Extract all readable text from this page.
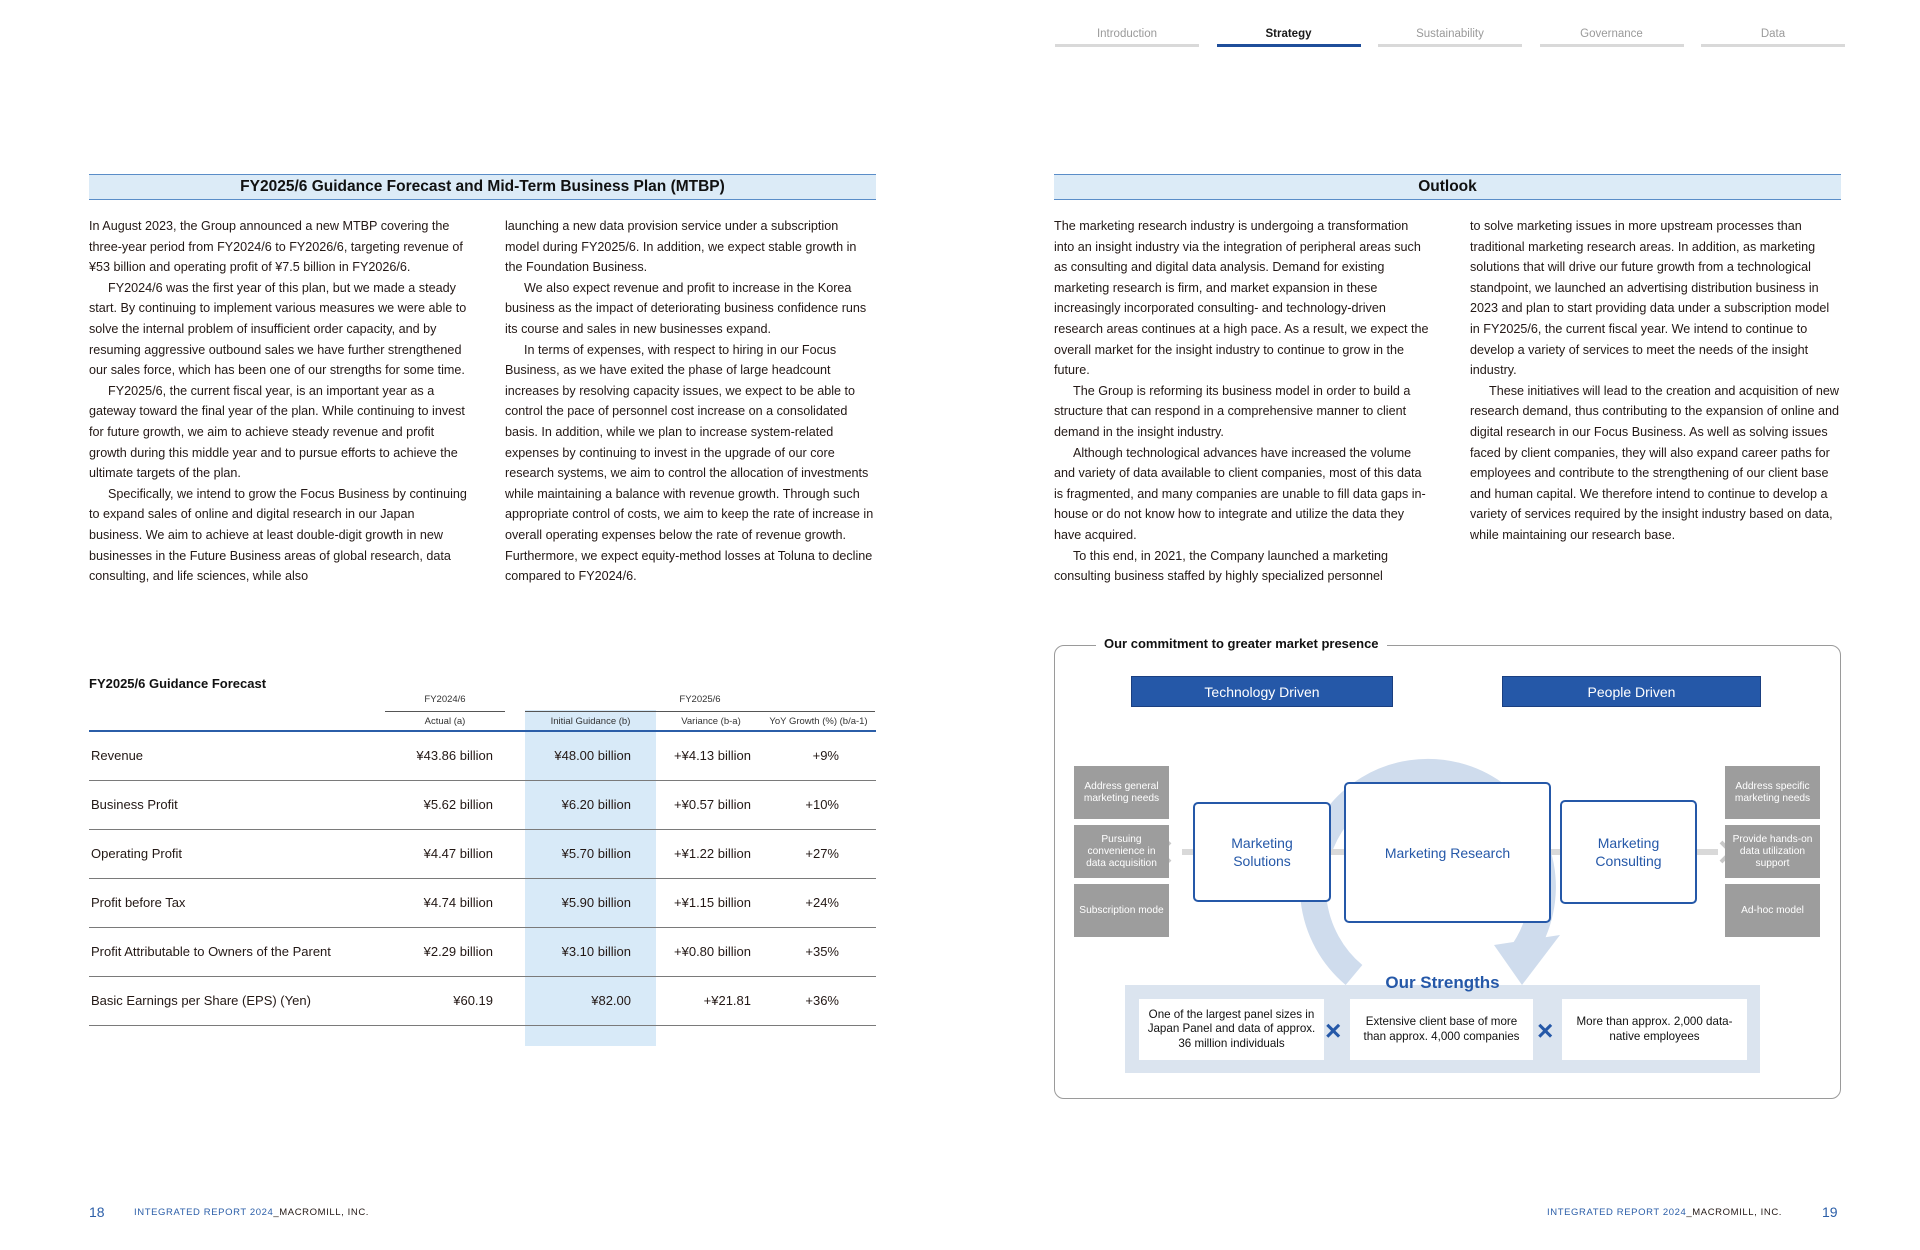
Introduction	Strategy	Sustainability	Governance	Data
FY2025/6 Guidance Forecast and Mid-Term Business Plan (MTBP)

In August 2023, the Group announced a new MTBP covering the three-year period from FY2024/6 to FY2026/6, targeting revenue of ¥53 billion and operating profit of ¥7.5 billion in FY2026/6.

FY2024/6 was the first year of this plan, but we made a steady start. By continuing to implement various measures we were able to solve the internal problem of insufficient order capacity, and by resuming aggressive outbound sales we have further strengthened our sales force, which has been one of our strengths for some time.

FY2025/6, the current fiscal year, is an important year as a gateway toward the final year of the plan. While continuing to invest for future growth, we aim to achieve steady revenue and profit growth during this middle year and to pursue efforts to achieve the ultimate targets of the plan.

Specifically, we intend to grow the Focus Business by continuing to expand sales of online and digital research in our Japan business. We aim to achieve at least double-digit growth in new businesses in the Future Business areas of global research, data consulting, and life sciences, while also

launching a new data provision service under a subscription model during FY2025/6. In addition, we expect stable growth in the Foundation Business.

We also expect revenue and profit to increase in the Korea business as the impact of deteriorating business confidence runs its course and sales in new businesses expand.

In terms of expenses, with respect to hiring in our Focus Business, as we have exited the phase of large headcount increases by resolving capacity issues, we expect to be able to control the pace of personnel cost increase on a consolidated basis. In addition, while we plan to increase system-related expenses by continuing to invest in the upgrade of our core research systems, we aim to control the allocation of investments while maintaining a balance with revenue growth. Through such appropriate control of costs, we aim to keep the rate of increase in overall operating expenses below the rate of revenue growth. Furthermore, we expect equity-method losses at Toluna to decline compared to FY2024/6.

FY2025/6 Guidance Forecast
FY2024/6	FY2025/6
Actual (a)	Initial Guidance (b)	Variance (b-a)	YoY Growth (%) (b/a-1)
Revenue	¥43.86 billion	¥48.00 billion	+¥4.13 billion	+9%
Business Profit	¥5.62 billion	¥6.20 billion	+¥0.57 billion	+10%
Operating Profit	¥4.47 billion	¥5.70 billion	+¥1.22 billion	+27%
Profit before Tax	¥4.74 billion	¥5.90 billion	+¥1.15 billion	+24%
Profit Attributable to Owners of the Parent	¥2.29 billion	¥3.10 billion	+¥0.80 billion	+35%
Basic Earnings per Share (EPS) (Yen)	¥60.19	¥82.00	+¥21.81	+36%
Outlook

The marketing research industry is undergoing a transformation into an insight industry via the integration of peripheral areas such as consulting and digital data analysis. Demand for existing marketing research is firm, and market expansion in these increasingly incorporated consulting- and technology-driven research areas continues at a high pace. As a result, we expect the overall market for the insight industry to continue to grow in the future.

The Group is reforming its business model in order to build a structure that can respond in a comprehensive manner to client demand in the insight industry.

Although technological advances have increased the volume and variety of data available to client companies, most of this data is fragmented, and many companies are unable to fill data gaps in-house or do not know how to integrate and utilize the data they have acquired.

To this end, in 2021, the Company launched a marketing consulting business staffed by highly specialized personnel

to solve marketing issues in more upstream processes than traditional marketing research areas. In addition, as marketing solutions that will drive our future growth from a technological standpoint, we launched an advertising distribution business in 2023 and plan to start providing data under a subscription model in FY2025/6, the current fiscal year. We intend to continue to develop a variety of services to meet the needs of the insight industry.

These initiatives will lead to the creation and acquisition of new research demand, thus contributing to the expansion of online and digital research in our Focus Business. As well as solving issues faced by client companies, they will also expand career paths for employees and contribute to the strengthening of our client base and human capital. We therefore intend to continue to develop a variety of services required by the insight industry based on data, while maintaining our research base.

Our commitment to greater market presence
Technology Driven	People Driven
Address general marketing needs
Pursuing convenience in data acquisition
Subscription mode
Address specific marketing needs
Provide hands-on data utilization support
Ad-hoc model
Marketing Solutions
Marketing Research
Marketing Consulting
Our Strengths
One of the largest panel sizes in Japan Panel and data of approx. 36 million individuals	×	Extensive client base of more than approx. 4,000 companies ×	More than approx. 2,000 data-native employees
18	INTEGRATED REPORT 2024_MACROMILL, INC.	INTEGRATED REPORT 2024_MACROMILL, INC.	19
